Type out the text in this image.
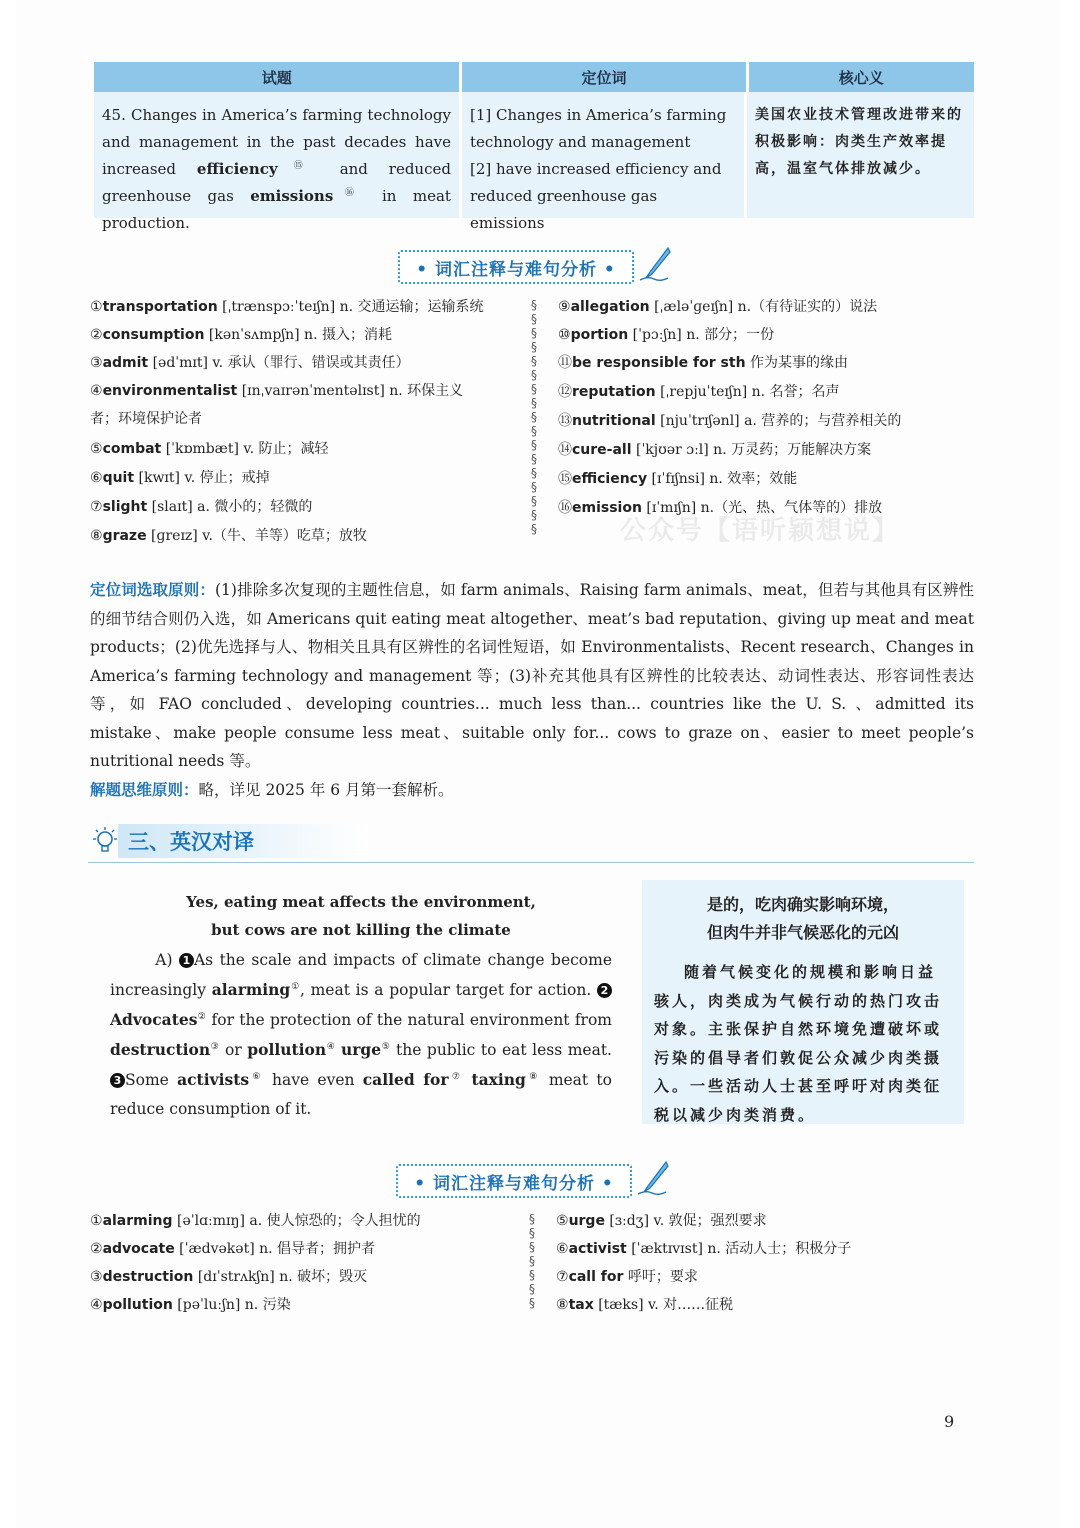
试题	定位词	核心义
45. Changes in America’s farming technology and management in the past decades have increased efficiency⑮ and reduced greenhouse gas emissions⑯ in meat production.
[1] Changes in America’s farming technology and management
[2] have increased efficiency and reduced greenhouse gas emissions
美国农业技术管理改进带来的积极影响：肉类生产效率提高，温室气体排放减少。
• 词汇注释与难句分析 •
①transportation [ˌtrænspɔːˈteɪʃn] n. 交通运输；运输系统
②consumption [kənˈsʌmpʃn] n. 摄入；消耗
③admit [ədˈmɪt] v. 承认（罪行、错误或其责任）
④environmentalist [ɪnˌvaɪrənˈmentəlɪst] n. 环保主义
者；环境保护论者
⑤combat [ˈkɒmbæt] v. 防止；减轻
⑥quit [kwɪt] v. 停止；戒掉
⑦slight [slaɪt] a. 微小的；轻微的
⑧graze [ɡreɪz] v.（牛、羊等）吃草；放牧
§
§
§
§
§
§
§
§
§
§
§
§
§
§
§
§
§
⑨allegation [ˌæləˈɡeɪʃn] n.（有待证实的）说法
⑩portion [ˈpɔːʃn] n. 部分；一份
⑪be responsible for sth 作为某事的缘由
⑫reputation [ˌrepjuˈteɪʃn] n. 名誉；名声
⑬nutritional [njuˈtrɪʃənl] a. 营养的；与营养相关的
⑭cure-all [ˈkjʊər ɔːl] n. 万灵药；万能解决方案
⑮efficiency [ɪˈfɪʃnsi] n. 效率；效能
⑯emission [ɪˈmɪʃn] n.（光、热、气体等的）排放
公众号【语听颖想说】
定位词选取原则：(1)排除多次复现的主题性信息，如 farm animals、Raising farm animals、meat，但若与其他具有区辨性的细节结合则仍入选，如 Americans quit eating meat altogether、meat’s bad reputation、giving up meat and meat products；(2)优先选择与人、物相关且具有区辨性的名词性短语，如 Environmentalists、Recent research、Changes in America’s farming technology and management 等；(3)补充其他具有区辨性的比较表达、动词性表达、形容词性表达等，如 FAO concluded、developing countries... much less than... countries like the U. S. 、admitted its mistake、make people consume less meat、suitable only for... cows to graze on、easier to meet people’s nutritional needs 等。
解题思维原则：略，详见 2025 年 6 月第一套解析。
三、英汉对译
Yes, eating meat affects the environment,
but cows are not killing the climate
A) 1 As the scale and impacts of climate change become increasingly alarming①, meat is a popular target for action. 2Advocates② for the protection of the natural environment from destruction③ or pollution④ urge⑤ the public to eat less meat. 3 Some activists⑥ have even called for⑦ taxing⑧ meat to reduce consumption of it.
是的，吃肉确实影响环境，
但肉牛并非气候恶化的元凶
随着气候变化的规模和影响日益骇人，肉类成为气候行动的热门攻击对象。主张保护自然环境免遭破坏或污染的倡导者们敦促公众减少肉类摄入。一些活动人士甚至呼吁对肉类征税以减少肉类消费。
• 词汇注释与难句分析 •
①alarming [əˈlɑːmɪŋ] a. 使人惊恐的；令人担忧的
②advocate [ˈædvəkət] n. 倡导者；拥护者
③destruction [dɪˈstrʌkʃn] n. 破坏；毁灭
④pollution [pəˈluːʃn] n. 污染
§
§
§
§
§
§
§
⑤urge [ɜːdʒ] v. 敦促；强烈要求
⑥activist [ˈæktɪvɪst] n. 活动人士；积极分子
⑦call for 呼吁；要求
⑧tax [tæks] v. 对……征税
9
